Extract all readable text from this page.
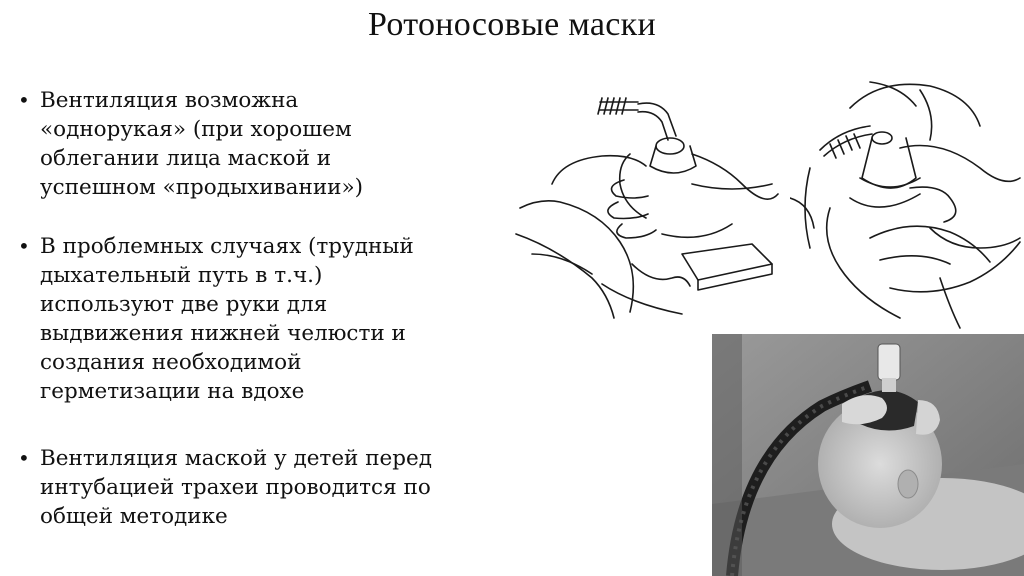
Ротоносовые маски
• Вентиляция возможна
«однорукая» (при хорошем
облегании лица маской и
успешном «продыхивании»)
• В проблемных случаях (трудный
дыхательный путь в т.ч.)
используют две руки для
выдвижения нижней челюсти и
создания необходимой
герметизации на вдохе
• Вентиляция маской у детей перед
интубацией трахеи проводится по
общей методике
